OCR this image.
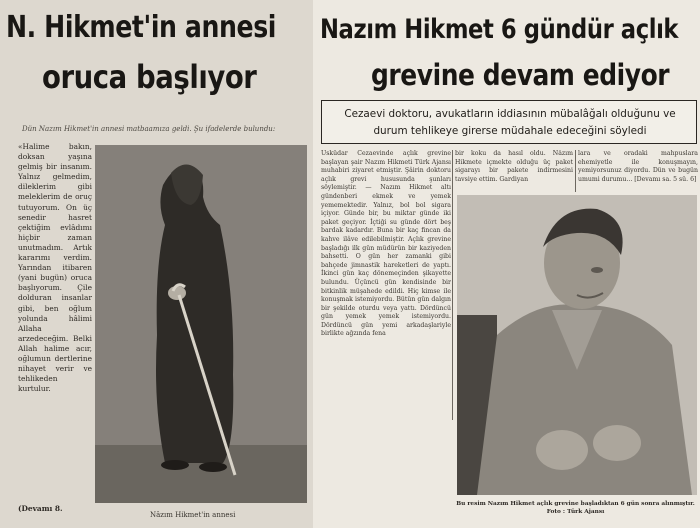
N. Hikmet'in annesi
oruca başlıyor
Dün Nazım Hikmet'in annesi matbaamıza geldi. Şu ifadelerde bulundu:
«Halime bakın, doksan yaşına gelmiş bir insanım. Yalnız gelmedim, dileklerim gibi meleklerim de oruç tutuyorum. On üç senedir hasret çektiğim evlâdımı hiçbir zaman unutmadım. Artık kararımı verdim. Yarından itibaren (yani bugün) oruca başlıyorum. Çile dolduran insanlar gibi, ben oğlum yolunda hâlimi Allaha arzedeceğim. Belki Allah halime acır, oğlumun dertlerine nihayet verir ve tehlikeden kurtulur.
(Devamı 8.
Nâzım Hikmet'in annesi
Nazım Hikmet 6 gündür açlık
grevine devam ediyor
Cezaevi doktoru, avukatların iddiasının mübalâğalı olduğunu ve durum tehlikeye girerse müdahale edeceğini söyledi
Üsküdar Cezaevinde açlık grevine başlayan şair Nazım Hikmeti Türk Ajansı muhabiri ziyaret etmiştir. Şâirin doktoru açlık grevi hususunda şunları söylemiştir. — Nazım Hikmet altı gündenberi ekmek ve yemek yememektedir. Yalnız, bol bol sigara içiyor. Günde bir, bu miktar günde iki paket geçiyor. İçtiği su günde dört beş bardak kadardır. Buna bir kaç fincan da kahve ilâve edilebilmiştir. Açlık grevine başladığı ilk gün müdürün bir kaziyeden bahsetti. O gün her zamanki gibi bahçede jimnastik hareketleri de yaptı. İkinci gün kaç dönemeçinden şikayette bulundu. Üçüncü gün kendisinde bir bitkinlik müşahede edildi. Hiç kimse ile konuşmak istemiyordu. Bütün gün dalgın bir şekilde oturdu veya yattı. Dördüncü gün yemek yemek istemiyordu. Dördüncü gün yemi arkadaşlariyle birlikte ağzında fena
bir koku da hasıl oldu. Nâzım Hikmete içmekte olduğu üç paket sigarayı bir pakete indirmesini tavsiye ettim. Gardiyan
lara ve oradaki mahpuslara ehemiyetle ile konuşmayın, yemiyorsunuz diyordu. Dün ve bugün umumi durumu... [Devamı sa. 5 sü. 6]
Bu resim Nazım Hikmet açlık grevine başladıktan 6 gün sonra alınmıştır. Foto : Türk Ajansı
